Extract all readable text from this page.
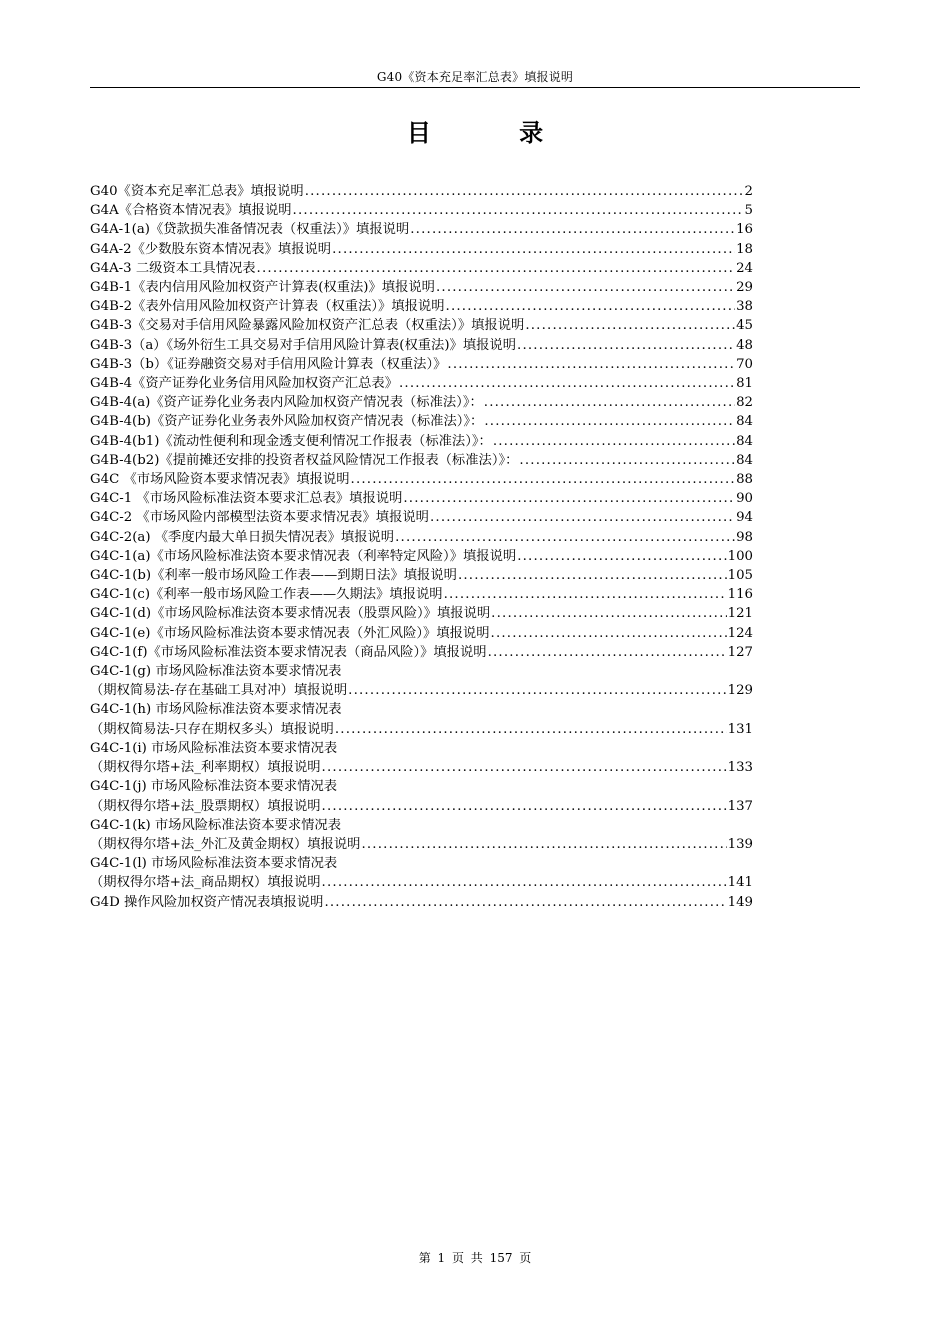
G40《资本充足率汇总表》填报说明
目 录
G40《资本充足率汇总表》填报说明 .....	2
G4A《合格资本情况表》填报说明 .....	5
G4A-1(a)《贷款损失准备情况表（权重法）》填报说明 .....	16
G4A-2《少数股东资本情况表》填报说明 .....	18
G4A-3 二级资本工具情况表 .....	24
G4B-1《表内信用风险加权资产计算表(权重法)》填报说明 .....	29
G4B-2《表外信用风险加权资产计算表（权重法）》填报说明 .....	38
G4B-3《交易对手信用风险暴露风险加权资产汇总表（权重法）》填报说明 .....	45
G4B-3（a）《场外衍生工具交易对手信用风险计算表(权重法)》填报说明 .....	48
G4B-3（b）《证券融资交易对手信用风险计算表（权重法）》 .....	70
G4B-4《资产证券化业务信用风险加权资产汇总表》 .....	81
G4B-4(a)《资产证券化业务表内风险加权资产情况表（标准法）》： .....	82
G4B-4(b)《资产证券化业务表外风险加权资产情况表（标准法）》： .....	84
G4B-4(b1)《流动性便利和现金透支便利情况工作报表（标准法）》： .....	84
G4B-4(b2)《提前摊还安排的投资者权益风险情况工作报表（标准法）》： .....	84
G4C 《市场风险资本要求情况表》填报说明 .....	88
G4C-1 《市场风险标准法资本要求汇总表》填报说明 .....	90
G4C-2 《市场风险内部模型法资本要求情况表》填报说明 .....	94
G4C-2(a) 《季度内最大单日损失情况表》填报说明 .....	98
G4C-1(a)《市场风险标准法资本要求情况表（利率特定风险）》填报说明 .....	100
G4C-1(b)《利率一般市场风险工作表——到期日法》填报说明 .....	105
G4C-1(c)《利率一般市场风险工作表——久期法》填报说明 .....	116
G4C-1(d)《市场风险标准法资本要求情况表（股票风险）》填报说明 .....	121
G4C-1(e)《市场风险标准法资本要求情况表（外汇风险）》填报说明 .....	124
G4C-1(f)《市场风险标准法资本要求情况表（商品风险）》填报说明 .....	127
G4C-1(g) 市场风险标准法资本要求情况表
（期权简易法-存在基础工具对冲）填报说明 .....	129
G4C-1(h) 市场风险标准法资本要求情况表
（期权简易法-只存在期权多头）填报说明 .....	131
G4C-1(i) 市场风险标准法资本要求情况表
（期权得尔塔+法_利率期权）填报说明 .....	133
G4C-1(j) 市场风险标准法资本要求情况表
（期权得尔塔+法_股票期权）填报说明 .....	137
G4C-1(k) 市场风险标准法资本要求情况表
（期权得尔塔+法_外汇及黄金期权）填报说明 .....	139
G4C-1(l) 市场风险标准法资本要求情况表
（期权得尔塔+法_商品期权）填报说明 .....	141
G4D 操作风险加权资产情况表填报说明 .....	149
第 1 页 共 157 页
